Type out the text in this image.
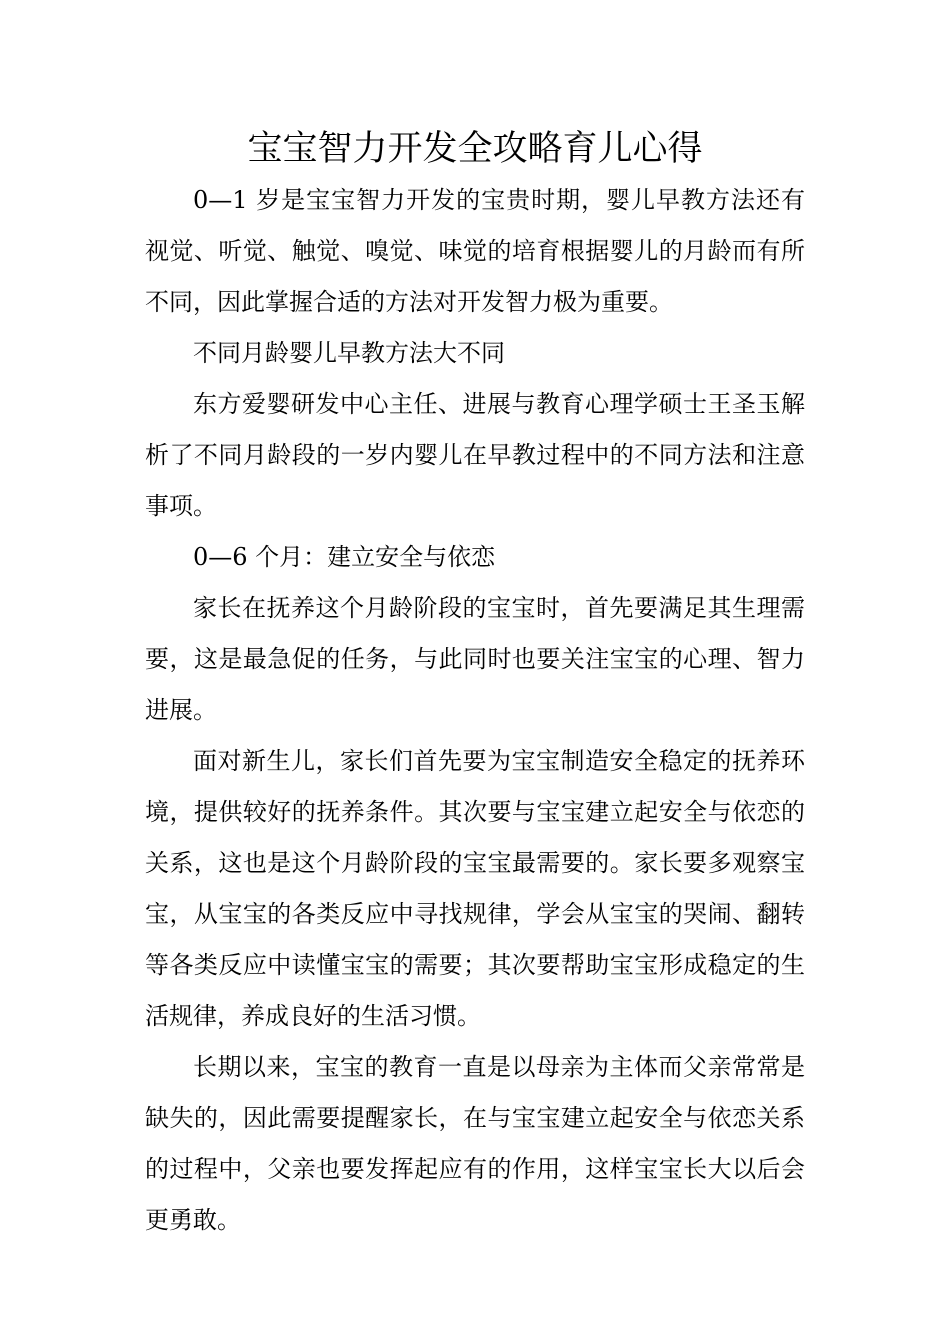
宝宝智力开发全攻略育儿心得

0—1 岁是宝宝智力开发的宝贵时期，婴儿早教方法还有视觉、听觉、触觉、嗅觉、味觉的培育根据婴儿的月龄而有所不同，因此掌握合适的方法对开发智力极为重要。

不同月龄婴儿早教方法大不同

东方爱婴研发中心主任、进展与教育心理学硕士王圣玉解析了不同月龄段的一岁内婴儿在早教过程中的不同方法和注意事项。

0—6 个月：建立安全与依恋

家长在抚养这个月龄阶段的宝宝时，首先要满足其生理需要，这是最急促的任务，与此同时也要关注宝宝的心理、智力进展。

面对新生儿，家长们首先要为宝宝制造安全稳定的抚养环境，提供较好的抚养条件。其次要与宝宝建立起安全与依恋的关系，这也是这个月龄阶段的宝宝最需要的。家长要多观察宝宝，从宝宝的各类反应中寻找规律，学会从宝宝的哭闹、翻转等各类反应中读懂宝宝的需要；其次要帮助宝宝形成稳定的生活规律，养成良好的生活习惯。

长期以来，宝宝的教育一直是以母亲为主体而父亲常常是缺失的，因此需要提醒家长，在与宝宝建立起安全与依恋关系的过程中，父亲也要发挥起应有的作用，这样宝宝长大以后会更勇敢。
